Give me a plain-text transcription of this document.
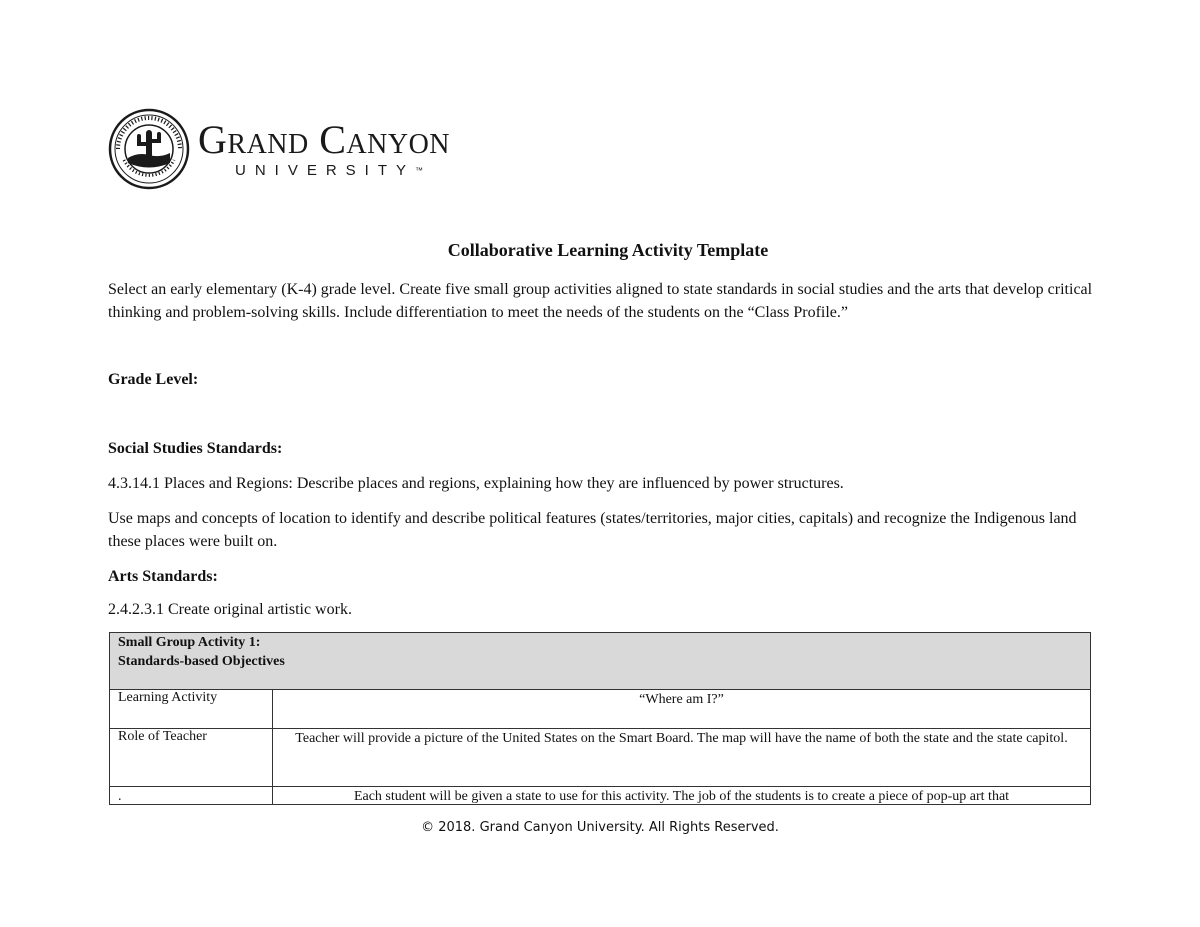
Grand Canyon
UNIVERSITY™
Collaborative Learning Activity Template
Select an early elementary (K-4) grade level. Create five small group activities aligned to state standards in social studies and the arts that develop critical thinking and problem-solving skills. Include differentiation to meet the needs of the students on the “Class Profile.”
Grade Level:
Social Studies Standards:
4.3.14.1 Places and Regions: Describe places and regions, explaining how they are influenced by power structures.
Use maps and concepts of location to identify and describe political features (states/territories, major cities, capitals) and recognize the Indigenous land these places were built on.
Arts Standards:
2.4.2.3.1 Create original artistic work.
Small Group Activity 1:
Standards-based Objectives	

Learning Activity	“Where am I?”
Role of Teacher	Teacher will provide a picture of the United States on the Smart Board. The map will have the name of both the state and the state capitol.

.	Each student will be given a state to use for this activity. The job of the students is to create a piece of pop-up art that
© 2018. Grand Canyon University. All Rights Reserved.
